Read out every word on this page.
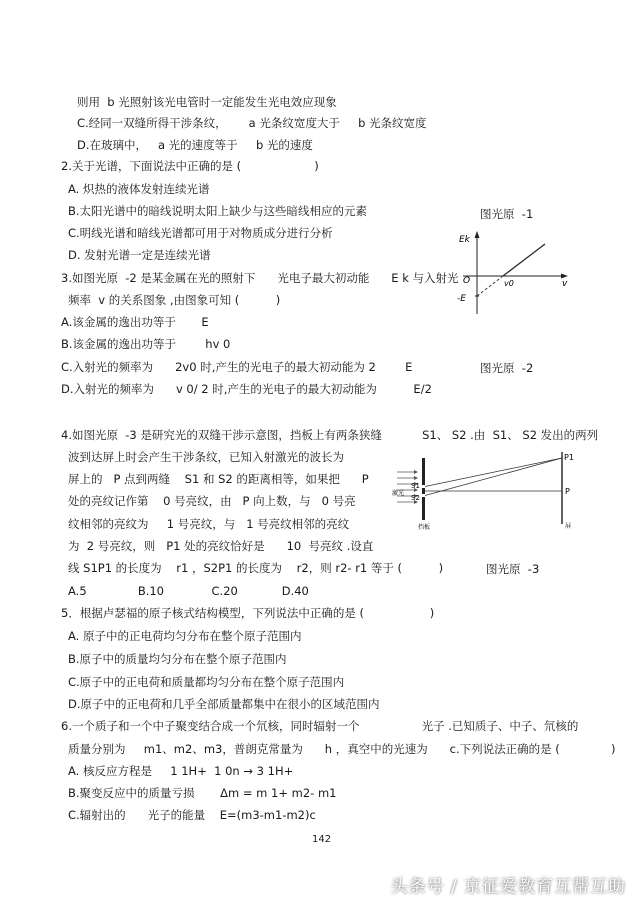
则用  b 光照射该光电管时一定能发生光电效应现象
C.经同一双缝所得干涉条纹，      a 光条纹宽度大于     b 光条纹宽度
D.在玻璃中，   a 光的速度等于     b 光的速度
2.关于光谱，下面说法中正确的是 (                    )
A. 炽热的液体发射连续光谱
B.太阳光谱中的暗线说明太阳上缺少与这些暗线相应的元素
C.明线光谱和暗线光谱都可用于对物质成分进行分析
D. 发射光谱一定是连续光谱
3.如图光原  -2 是某金属在光的照射下      光电子最大初动能      E k 与入射光
频率  v 的关系图象 ,由图象可知 (          )
A.该金属的逸出功等于       E
B.该金属的逸出功等于        hv 0
C.入射光的频率为      2v0 时,产生的光电子的最大初动能为 2        E
D.入射光的频率为      v 0/ 2 时,产生的光电子的最大初动能为          E/2
4.如图光原  -3 是研究光的双缝干涉示意图，挡板上有两条狭缝           S1、 S2 .由  S1、 S2 发出的两列
波到达屏上时会产生干涉条纹，已知入射激光的波长为
屏上的   P 点到两缝    S1 和 S2 的距离相等，如果把      P
处的亮纹记作第    0 号亮纹，由   P 向上数，与   0 号亮
纹相邻的亮纹为     1 号亮纹，与   1 号亮纹相邻的亮纹
为  2 号亮纹，则   P1 处的亮纹恰好是      10  号亮纹 .设直
线 S1P1 的长度为    r1 ，S2P1 的长度为    r2，则 r2- r1 等于 (          )
A.5              B.10             C.20            D.40
5．根据卢瑟福的原子核式结构模型，下列说法中正确的是 (                  )
A. 原子中的正电荷均匀分布在整个原子范围内
B.原子中的质量均匀分布在整个原子范围内
C.原子中的正电荷和质量都均匀分布在整个原子范围内
D.原子中的正电荷和几乎全部质量都集中在很小的区域范围内
6.一个质子和一个中子聚变结合成一个氘核，同时辐射一个                 光子 .已知质子、中子、氘核的
质量分别为     m1、m2、m3，普朗克常量为      h ，真空中的光速为      c.下列说法正确的是 (              )
A. 核反应方程是     1 1H+  1 0n → 3 1H+
B.聚变反应中的质量亏损       Δm = m 1+ m2- m1
C.辐射出的      光子的能量    E=(m3-m1-m2)c
图光原  -1
图光原  -2
图光原  -3
Ek
O	v0	v
-E
激光
挡板	屏
S1
S2
P1
P
142
头条号 / 京征爱教育互帮互助
